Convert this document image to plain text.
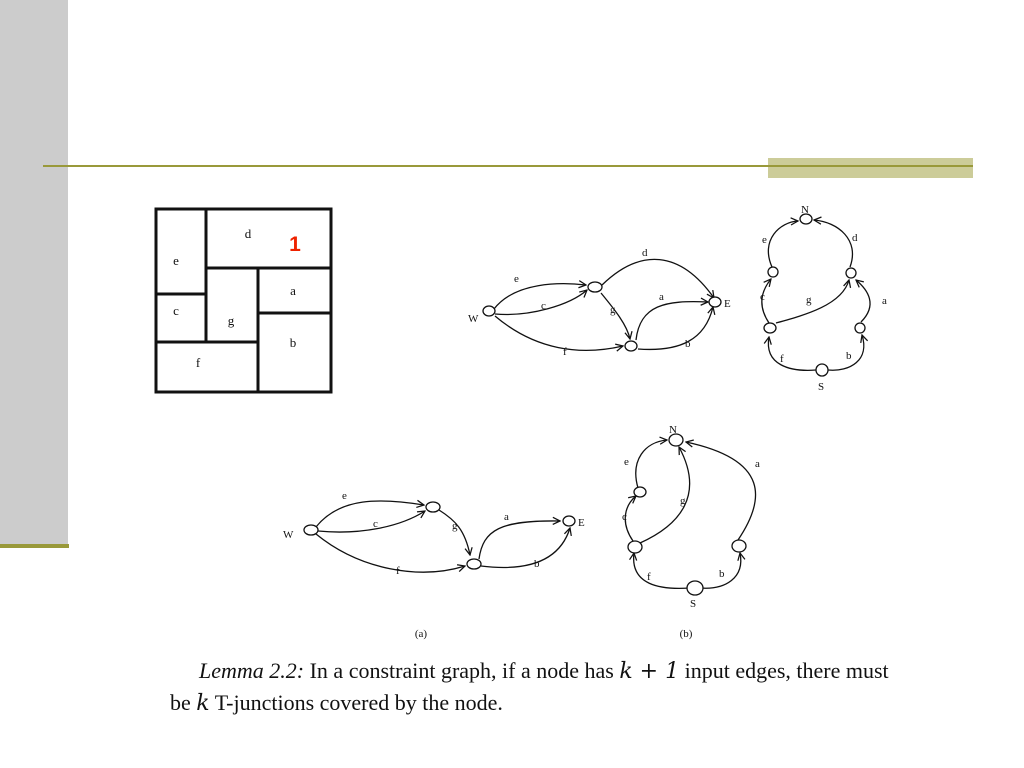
e
d
a
c
g
b
f
1
W
E
e
c
d
g
a
b
f
N
S
e	d
c	g	a
f	b
W
E
e
c	g
a
b
f
(a)
N
S
e
c
g
a
f	b
(b)
Lemma 2.2: In a constraint graph, if a node has k + 1 input edges, there must be k T-junctions covered by the node.
